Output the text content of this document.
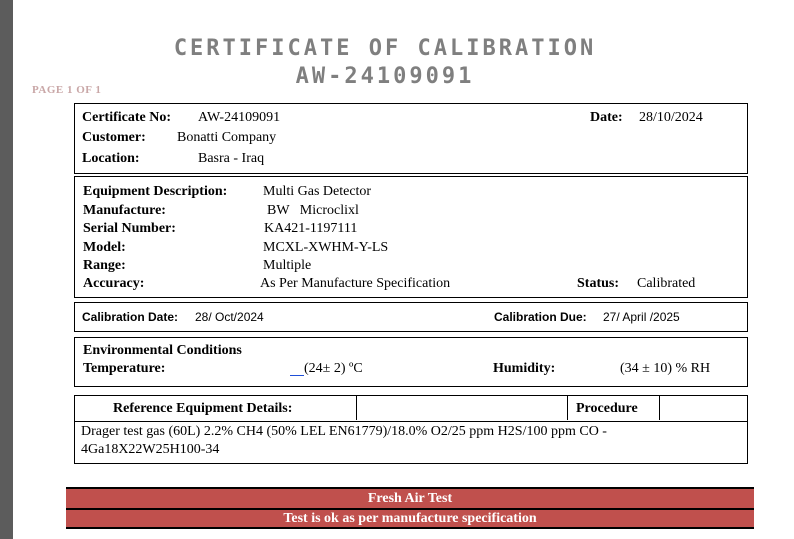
CERTIFICATE OF CALIBRATION
AW-24109091
PAGE 1 OF 1
Certificate No: AW-24109091	Date: 28/10/2024
Customer: Bonatti Company
Location:	Basra - Iraq
Equipment Description:	Multi Gas Detector
Manufacture:	BW   Microclixl
Serial Number:	KA421-1197111
Model:	MCXL-XWHM-Y-LS
Range:	Multiple
Accuracy:	As Per Manufacture Specification	Status: Calibrated
Calibration Date: 28/ Oct/2024	Calibration Due: 27/ April /2025
Environmental Conditions
Temperature:	(24± 2) ºC	Humidity:	(34 ± 10) % RH
Reference Equipment Details:	Procedure
Drager test gas (60L) 2.2% CH4 (50% LEL EN61779)/18.0% O2/25 ppm H2S/100 ppm CO -
4Ga18X22W25H100-34
Fresh Air Test
Test is ok as per manufacture specification
